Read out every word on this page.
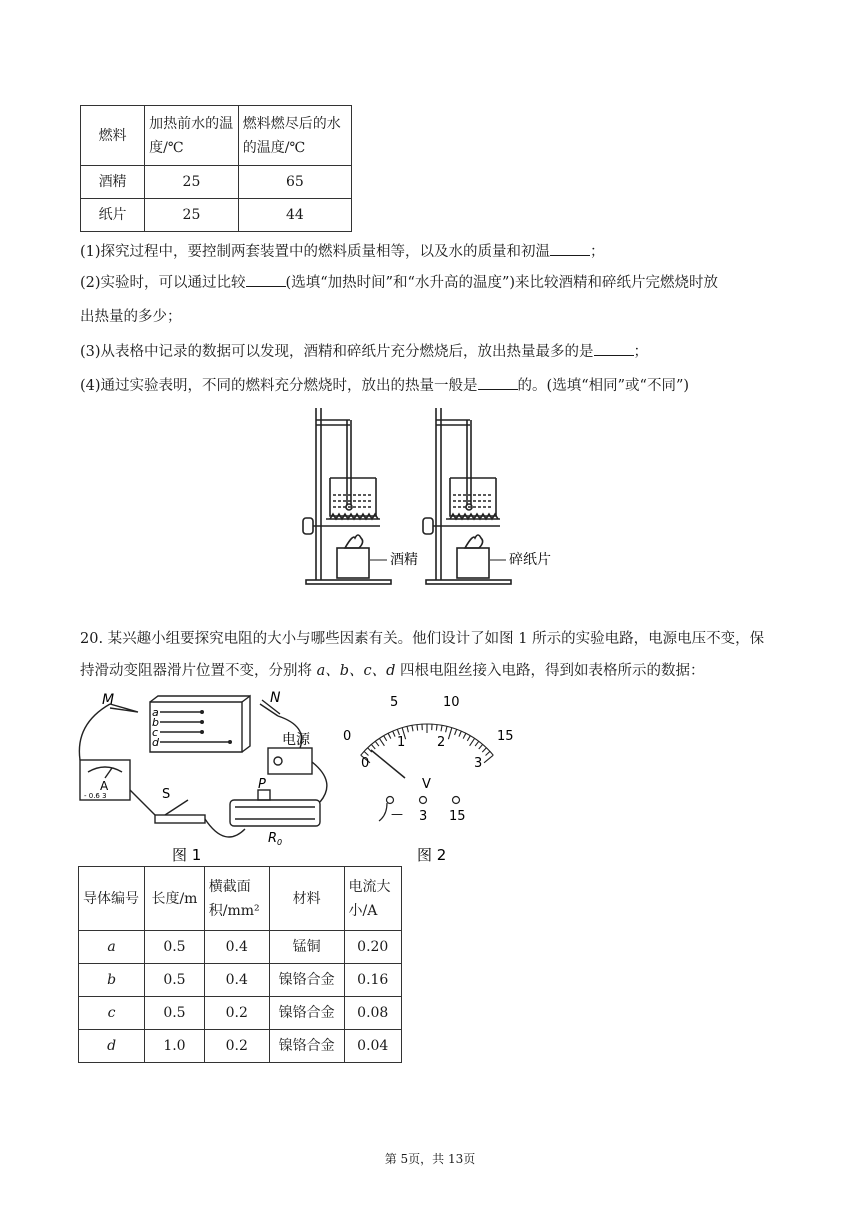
燃料	加热前水的温度/℃	燃料燃尽后的水的温度/℃
酒精	25	65
纸片	25	44
(1)探究过程中，要控制两套装置中的燃料质量相等，以及水的质量和初温	；
(2)实验时，可以通过比较	(选填“加热时间”和“水升高的温度”)来比较酒精和碎纸片完燃烧时放
出热量的多少；
(3)从表格中记录的数据可以发现，酒精和碎纸片充分燃烧后，放出热量最多的是	；
(4)通过实验表明，不同的燃料充分燃烧时，放出的热量一般是	的。(选填“相同”或“不同”)
酒精	碎纸片
20. 某兴趣小组要探究电阻的大小与哪些因素有关。他们设计了如图 1 所示的实验电路，电源电压不变，保
持滑动变阻器滑片位置不变，分别将 a、b、c、d 四根电阻丝接入电路，得到如表格所示的数据：
M	N
a
b
c
d	电源
A
- 0.6 3	S
P
$R_0$
图 1
0
5	10
15
0
1 2
3
V
— 3 15
图 2
导体编号	长度/m	横截面积/mm²	材料	电流大小/A
a	0.5	0.4	锰铜	0.20
b	0.5	0.4	镍铬合金	0.16
c	0.5	0.2	镍铬合金	0.08
d	1.0	0.2	镍铬合金	0.04
第 5页，共 13页
